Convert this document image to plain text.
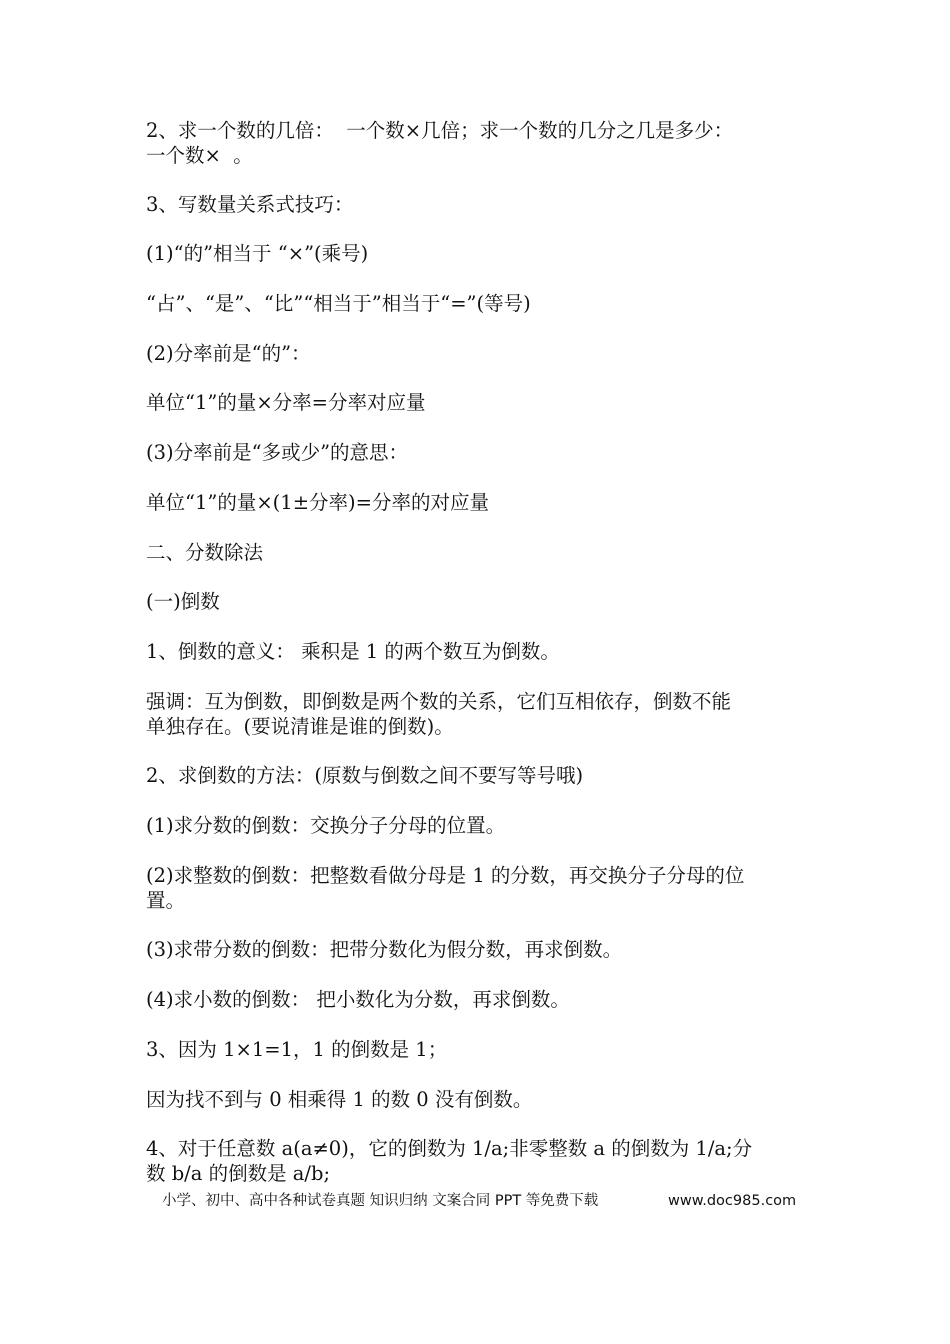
2、求一个数的几倍：  一个数×几倍；求一个数的几分之几是多少：
一个数×  。
3、写数量关系式技巧：
(1)“的”相当于 “×”(乘号)
“占”、“是”、“比”“相当于”相当于“=”(等号)
(2)分率前是“的”：
单位“1”的量×分率=分率对应量
(3)分率前是“多或少”的意思：
单位“1”的量×(1±分率)=分率的对应量
二、分数除法
(一)倒数
1、倒数的意义： 乘积是 1 的两个数互为倒数。
强调：互为倒数，即倒数是两个数的关系，它们互相依存，倒数不能
单独存在。(要说清谁是谁的倒数)。
2、求倒数的方法：(原数与倒数之间不要写等号哦)
(1)求分数的倒数：交换分子分母的位置。
(2)求整数的倒数：把整数看做分母是 1 的分数，再交换分子分母的位
置。
(3)求带分数的倒数：把带分数化为假分数，再求倒数。
(4)求小数的倒数： 把小数化为分数，再求倒数。
3、因为 1×1=1，1 的倒数是 1；
因为找不到与 0 相乘得 1 的数 0 没有倒数。
4、对于任意数 a(a≠0)，它的倒数为 1/a;非零整数 a 的倒数为 1/a;分
数 b/a 的倒数是 a/b;
小学、初中、高中各种试卷真题 知识归纳 文案合同 PPT 等免费下载	www.doc985.com
